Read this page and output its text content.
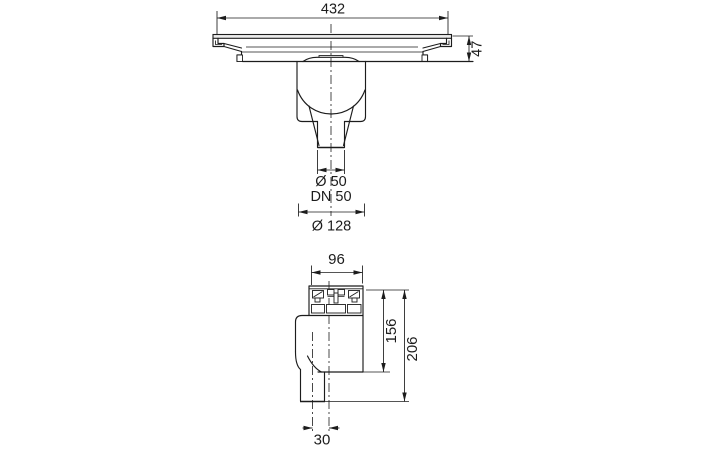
432
47
Ø 50
DN 50
Ø 128
96
156
206
30
